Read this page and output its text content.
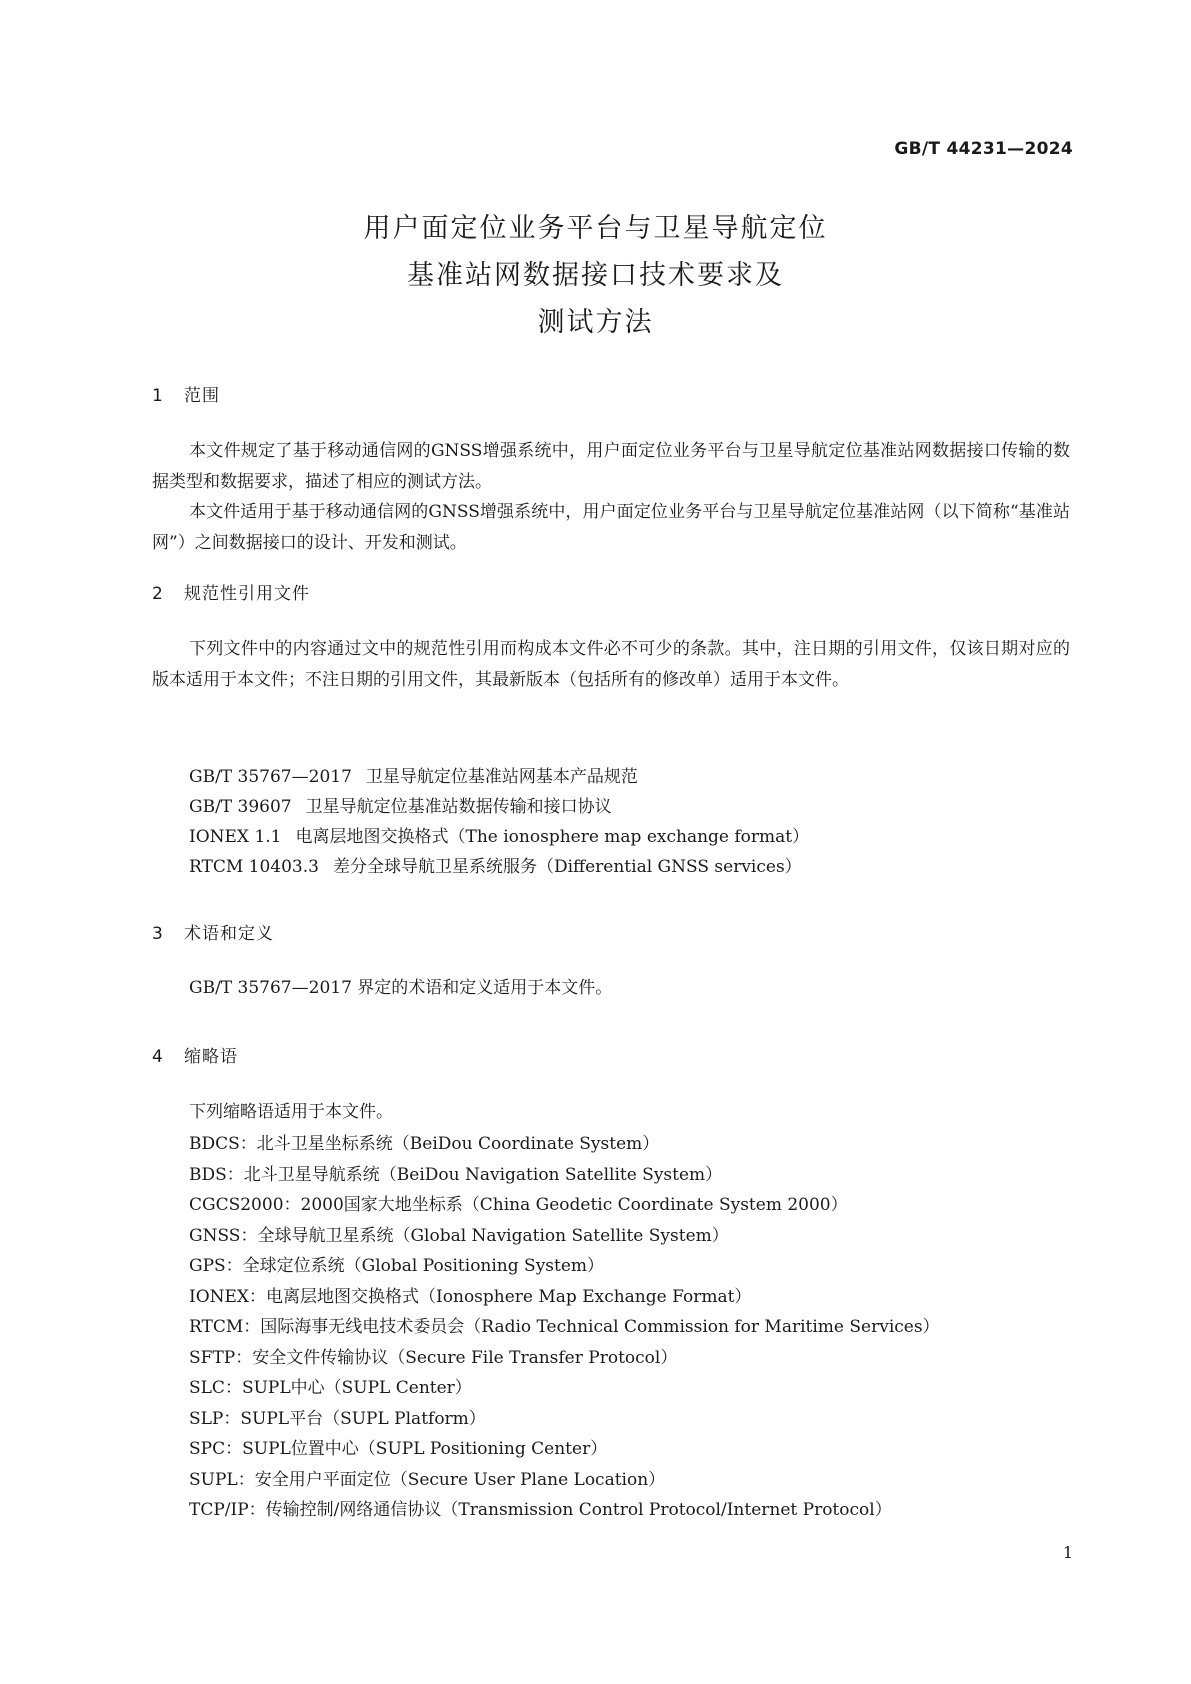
GB/T 44231—2024
用户面定位业务平台与卫星导航定位
基准站网数据接口技术要求及
测试方法
1 范围

本文件规定了基于移动通信网的GNSS增强系统中，用户面定位业务平台与卫星导航定位基准站网数据接口传输的数据类型和数据要求，描述了相应的测试方法。

本文件适用于基于移动通信网的GNSS增强系统中，用户面定位业务平台与卫星导航定位基准站网（以下简称“基准站网”）之间数据接口的设计、开发和测试。

2 规范性引用文件

下列文件中的内容通过文中的规范性引用而构成本文件必不可少的条款。其中，注日期的引用文件，仅该日期对应的版本适用于本文件；不注日期的引用文件，其最新版本（包括所有的修改单）适用于本文件。

GB/T 35767—2017 卫星导航定位基准站网基本产品规范
GB/T 39607 卫星导航定位基准站数据传输和接口协议
IONEX 1.1 电离层地图交换格式（The ionosphere map exchange format）
RTCM 10403.3 差分全球导航卫星系统服务（Differential GNSS services）
3 术语和定义

GB/T 35767—2017 界定的术语和定义适用于本文件。

4 缩略语
下列缩略语适用于本文件。
BDCS：北斗卫星坐标系统（BeiDou Coordinate System）
BDS：北斗卫星导航系统（BeiDou Navigation Satellite System）
CGCS2000：2000国家大地坐标系（China Geodetic Coordinate System 2000）
GNSS：全球导航卫星系统（Global Navigation Satellite System）
GPS：全球定位系统（Global Positioning System）
IONEX：电离层地图交换格式（Ionosphere Map Exchange Format）
RTCM：国际海事无线电技术委员会（Radio Technical Commission for Maritime Services）
SFTP：安全文件传输协议（Secure File Transfer Protocol）
SLC：SUPL中心（SUPL Center）
SLP：SUPL平台（SUPL Platform）
SPC：SUPL位置中心（SUPL Positioning Center）
SUPL：安全用户平面定位（Secure User Plane Location）
TCP/IP：传输控制/网络通信协议（Transmission Control Protocol/Internet Protocol）
1
